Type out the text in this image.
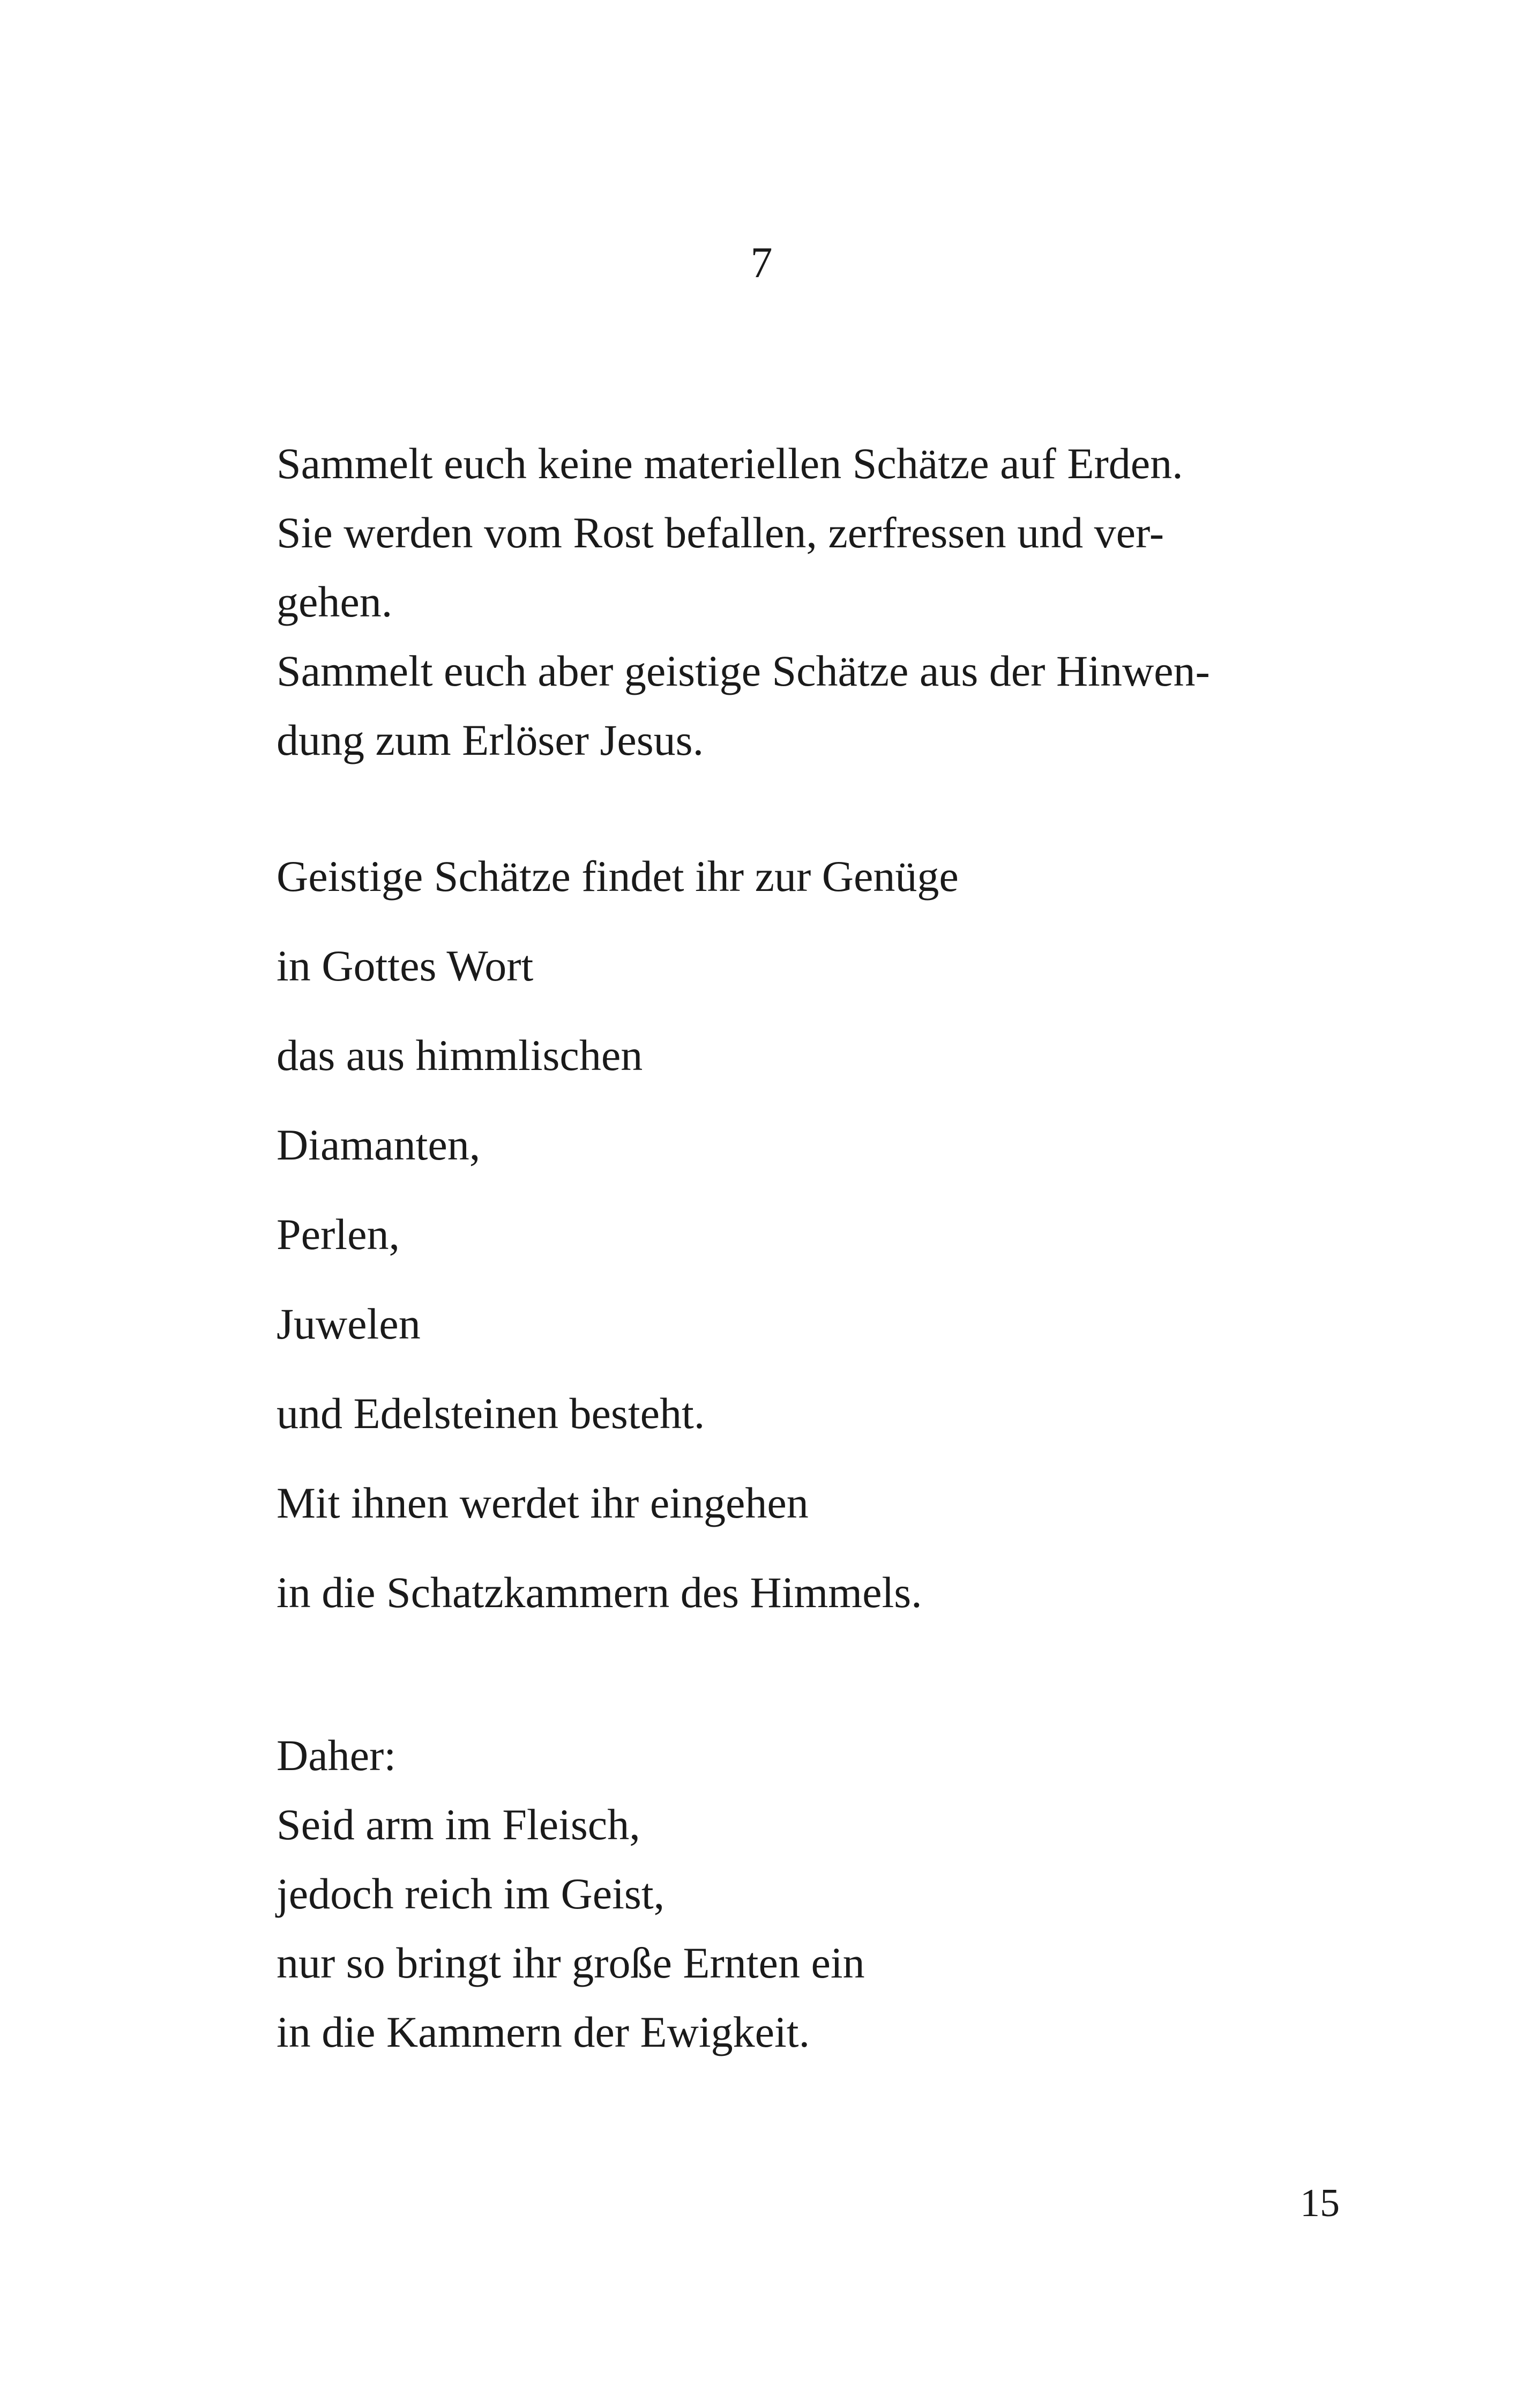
7
Sammelt euch keine materiellen Schätze auf Erden.
Sie werden vom Rost befallen, zerfressen und ver-
gehen.
Sammelt euch aber geistige Schätze aus der Hinwen-
dung zum Erlöser Jesus.
Geistige Schätze findet ihr zur Genüge
in Gottes Wort
das aus himmlischen
Diamanten,
Perlen,
Juwelen
und Edelsteinen besteht.
Mit ihnen werdet ihr eingehen
in die Schatzkammern des Himmels.
Daher:
Seid arm im Fleisch,
jedoch reich im Geist,
nur so bringt ihr große Ernten ein
in die Kammern der Ewigkeit.
15
